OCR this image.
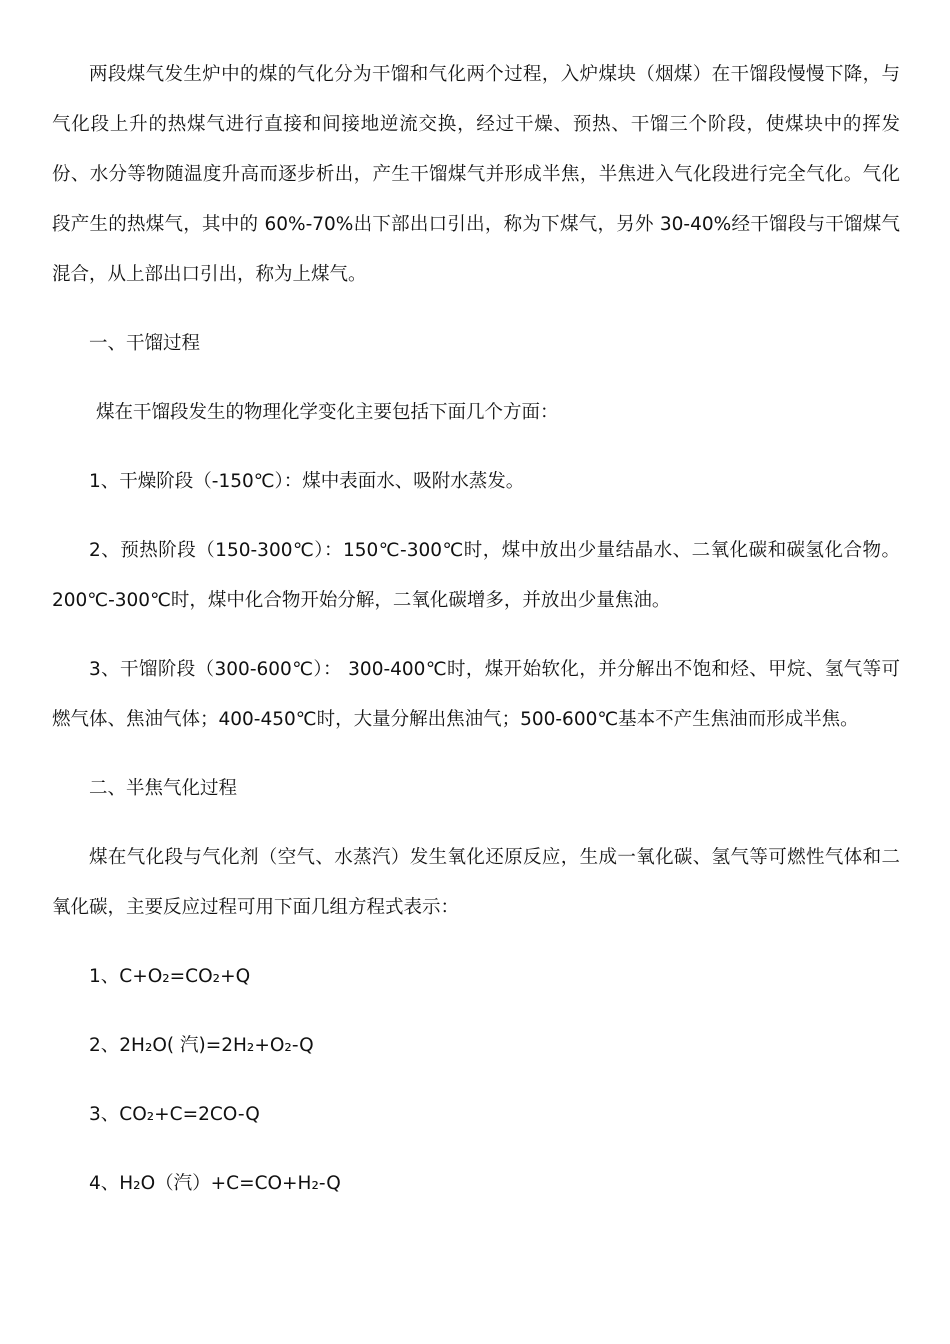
两段煤气发生炉中的煤的气化分为干馏和气化两个过程，入炉煤块（烟煤）在干馏段慢慢下降，与气化段上升的热煤气进行直接和间接地逆流交换，经过干燥、预热、干馏三个阶段，使煤块中的挥发份、水分等物随温度升高而逐步析出，产生干馏煤气并形成半焦，半焦进入气化段进行完全气化。气化段产生的热煤气，其中的 60%-70%出下部出口引出，称为下煤气，另外 30-40%经干馏段与干馏煤气混合，从上部出口引出，称为上煤气。

一、干馏过程

煤在干馏段发生的物理化学变化主要包括下面几个方面：

1、干燥阶段（-150℃）：煤中表面水、吸附水蒸发。

2、预热阶段（150-300℃）：150℃-300℃时，煤中放出少量结晶水、二氧化碳和碳氢化合物。200℃-300℃时，煤中化合物开始分解，二氧化碳增多，并放出少量焦油。

3、干馏阶段（300-600℃）： 300-400℃时，煤开始软化，并分解出不饱和烃、甲烷、氢气等可燃气体、焦油气体；400-450℃时，大量分解出焦油气；500-600℃基本不产生焦油而形成半焦。

二、半焦气化过程

煤在气化段与气化剂（空气、水蒸汽）发生氧化还原反应，生成一氧化碳、氢气等可燃性气体和二氧化碳，主要反应过程可用下面几组方程式表示：

1、C+O₂=CO₂+Q

2、2H₂O( 汽)=2H₂+O₂-Q

3、CO₂+C=2CO-Q

4、H₂O（汽）+C=CO+H₂-Q
